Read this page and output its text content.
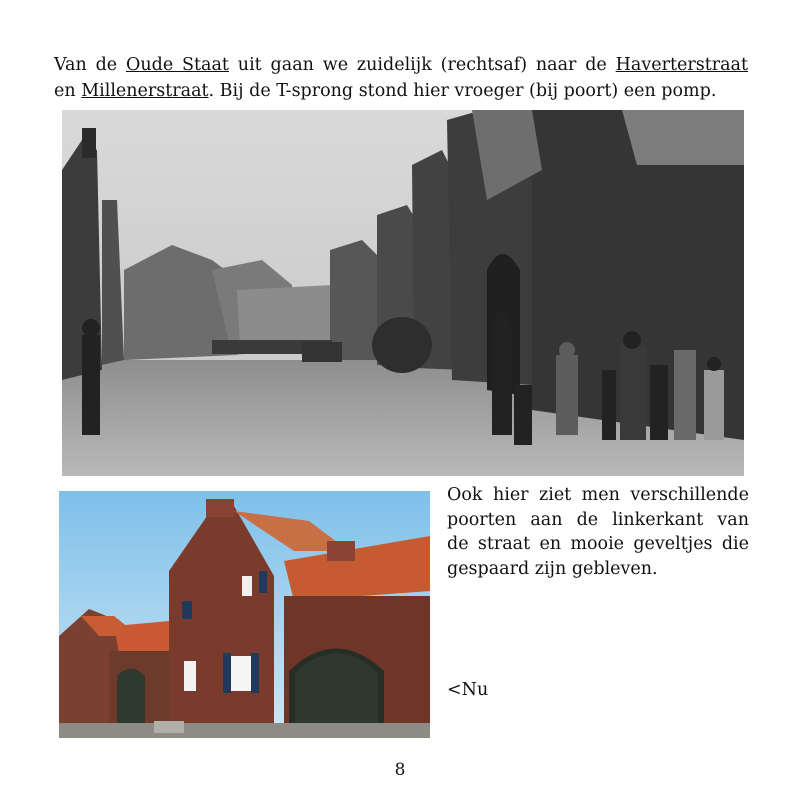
Van de Oude Staat uit gaan we zuidelijk (rechtsaf) naar de Haverterstraat
en Millenerstraat. Bij de T-sprong stond hier vroeger (bij poort) een pomp.

Ook hier ziet men verschillende
poorten aan de linkerkant van
de straat en mooie geveltjes die
gespaard zijn gebleven.

<Nu
8
